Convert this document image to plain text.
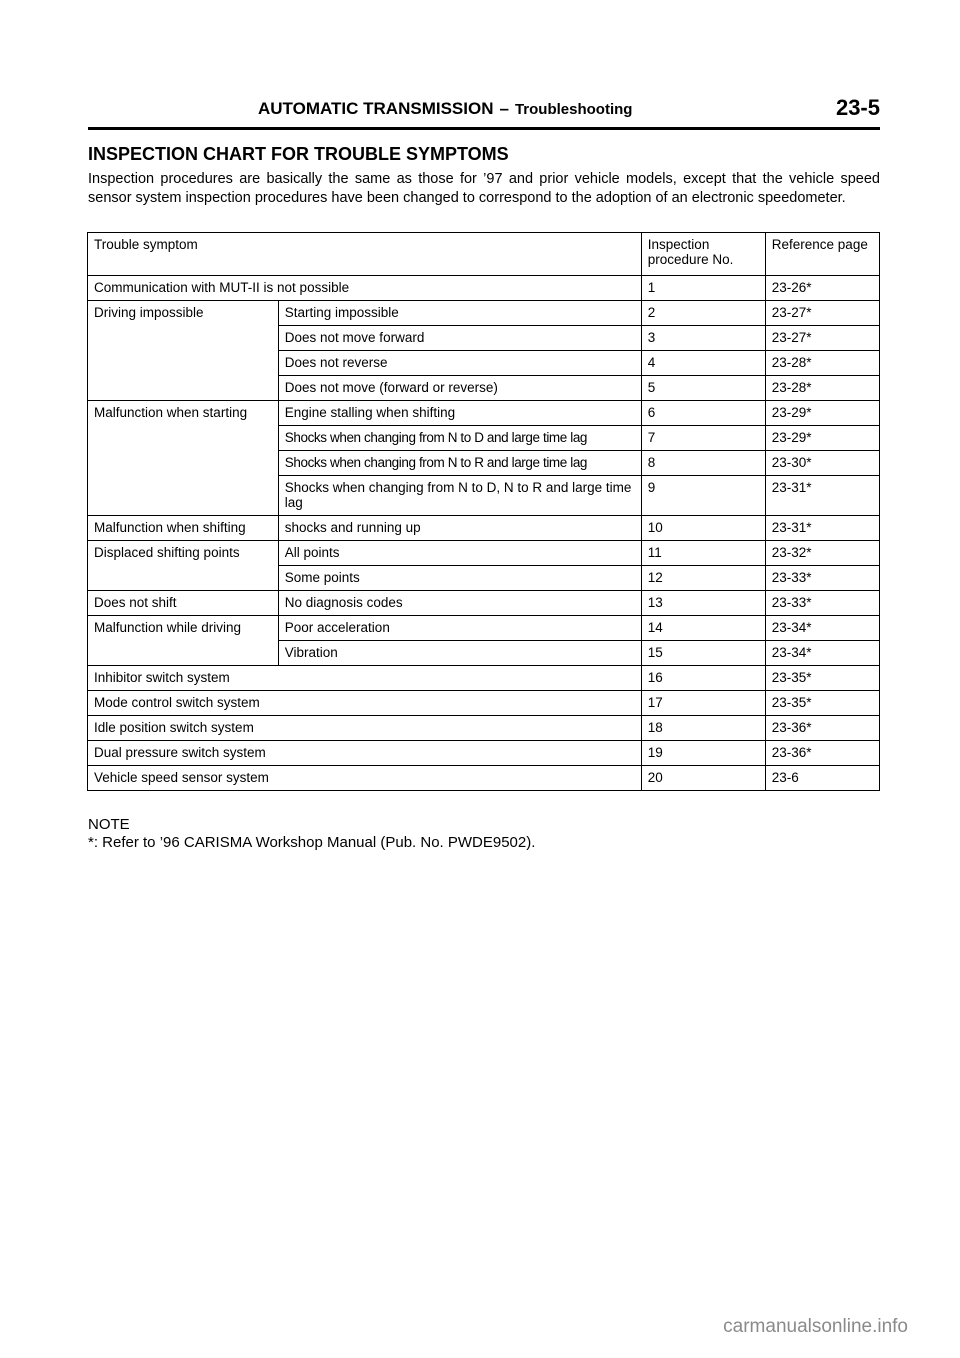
AUTOMATIC TRANSMISSION – Troubleshooting	23-5
INSPECTION CHART FOR TROUBLE SYMPTOMS

Inspection procedures are basically the same as those for ’97 and prior vehicle models, except that the vehicle speed sensor system inspection procedures have been changed to correspond to the adoption of an electronic speedometer.

Trouble symptom		Inspection procedure No.	Reference page
Communication with MUT-II is not possible		1	23-26*
Driving impossible	Starting impossible	2	23-27*
	Does not move forward	3	23-27*
	Does not reverse	4	23-28*
	Does not move (forward or reverse)	5	23-28*
Malfunction when starting	Engine stalling when shifting	6	23-29*
	Shocks when changing from N to D and large time lag	7	23-29*
	Shocks when changing from N to R and large time lag	8	23-30*
	Shocks when changing from N to D, N to R and large time lag	9	23-31*
Malfunction when shifting	shocks and running up	10	23-31*
Displaced shifting points	All points	11	23-32*
	Some points	12	23-33*
Does not shift	No diagnosis codes	13	23-33*
Malfunction while driving	Poor acceleration	14	23-34*
	Vibration	15	23-34*
Inhibitor switch system		16	23-35*
Mode control switch system		17	23-35*
Idle position switch system		18	23-36*
Dual pressure switch system		19	23-36*
Vehicle speed sensor system		20	23-6
NOTE
*: Refer to ’96 CARISMA Workshop Manual (Pub. No. PWDE9502).
carmanualsonline.info
